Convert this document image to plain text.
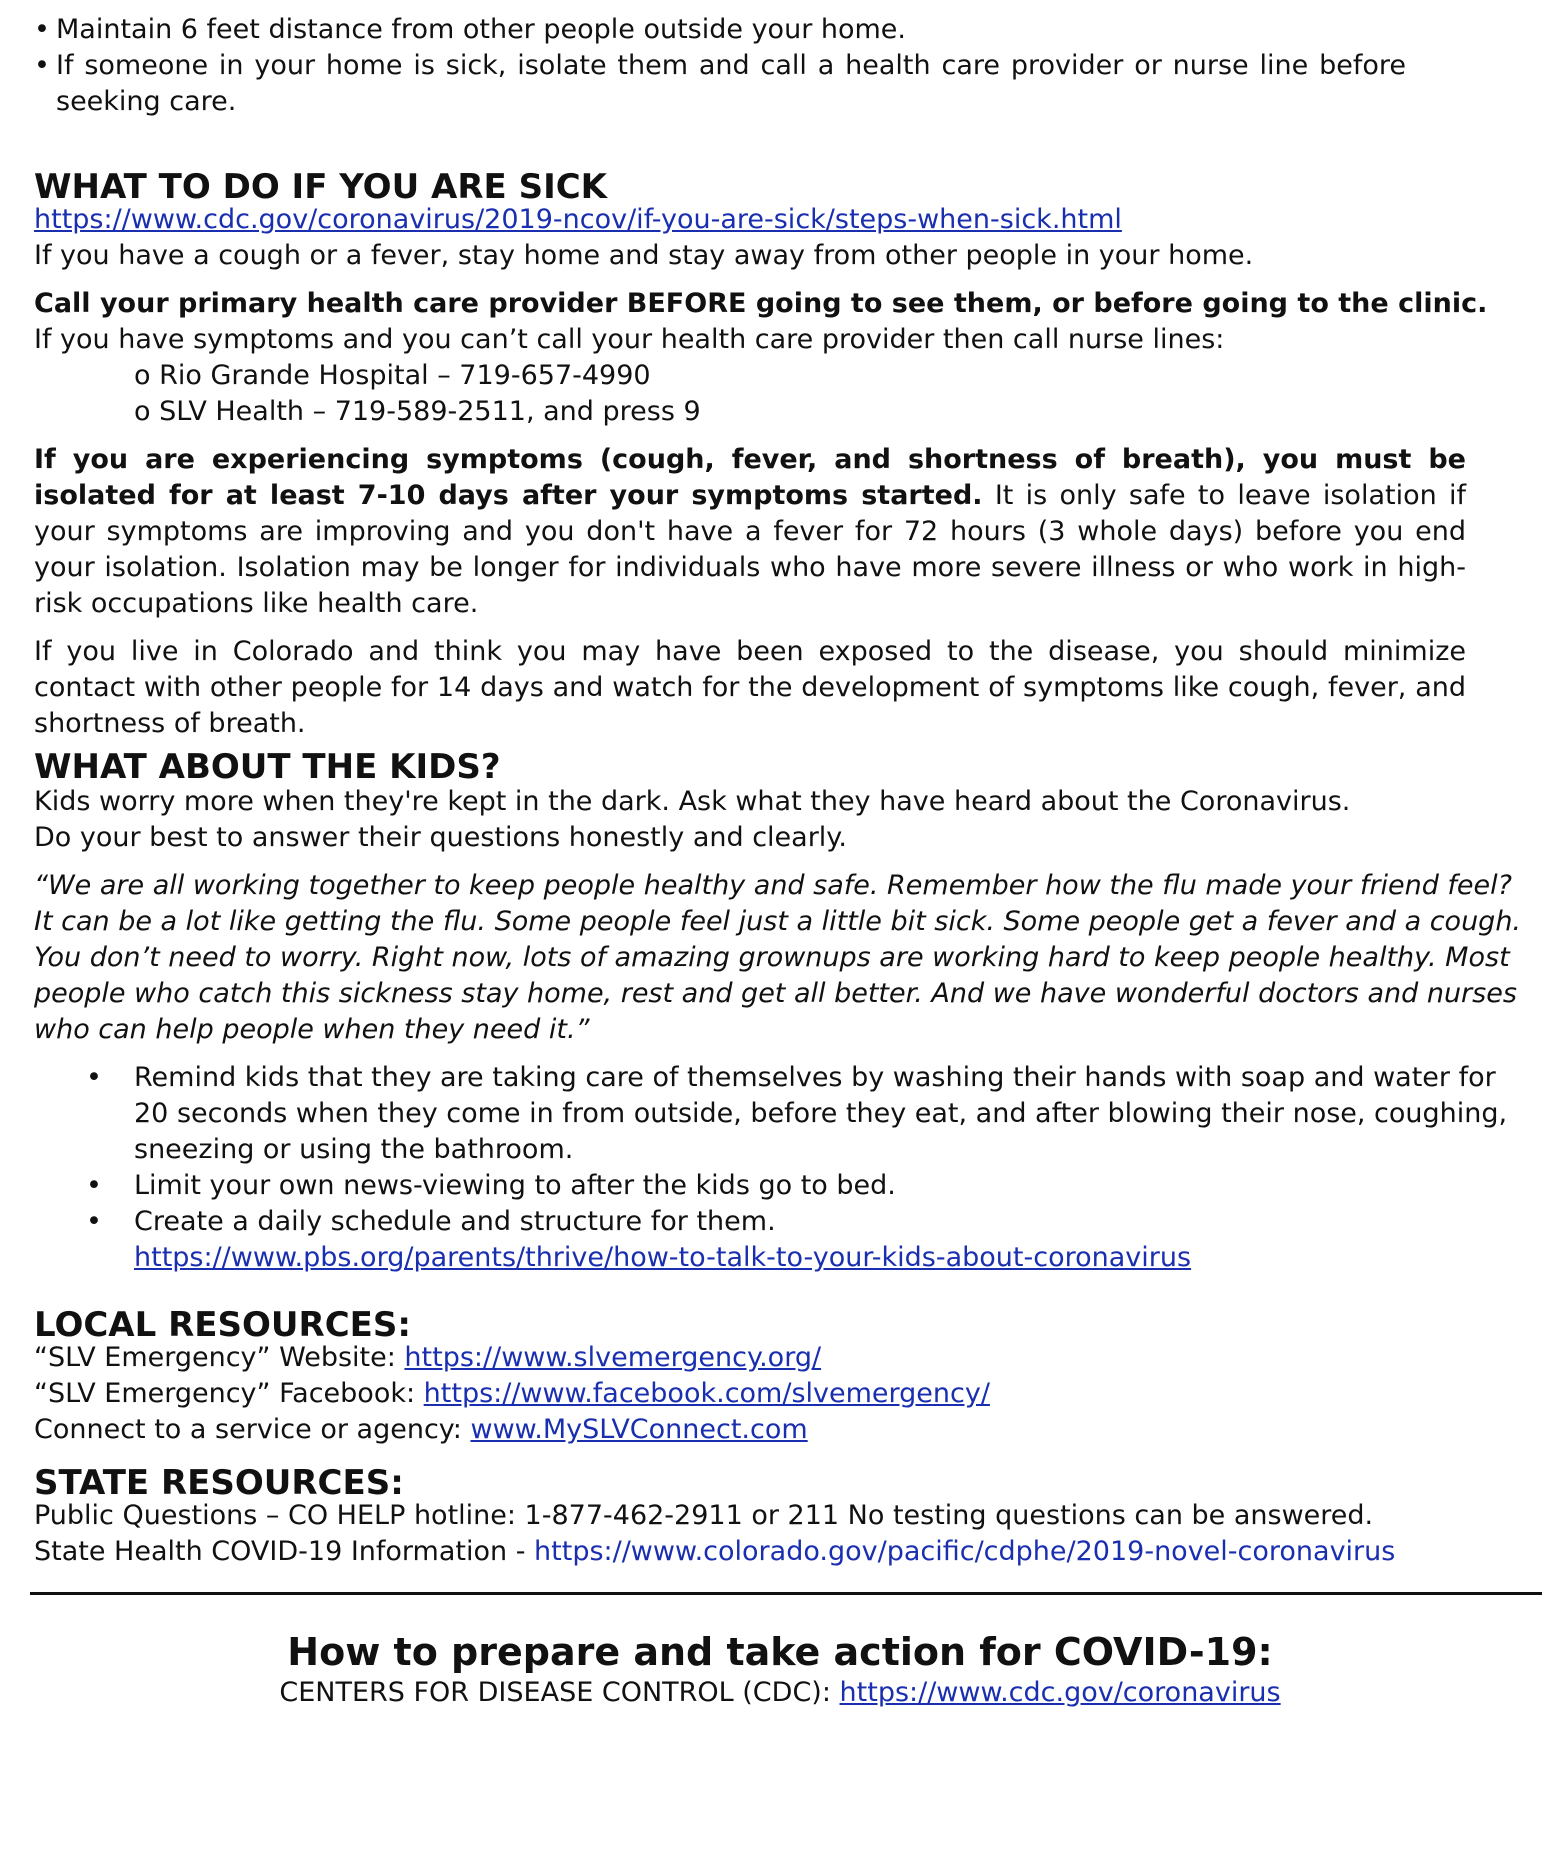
• Maintain 6 feet distance from other people outside your home.
• If someone in your home is sick, isolate them and call a health care provider or nurse line before seeking care.
WHAT TO DO IF YOU ARE SICK

https://www.cdc.gov/coronavirus/2019-ncov/if-you-are-sick/steps-when-sick.html

If you have a cough or a fever, stay home and stay away from other people in your home.

Call your primary health care provider BEFORE going to see them, or before going to the clinic.

If you have symptoms and you can’t call your health care provider then call nurse lines:

o Rio Grande Hospital – 719-657-4990

o SLV Health – 719-589-2511, and press 9

If you are experiencing symptoms (cough, fever, and shortness of breath), you must be isolated for at least 7-10 days after your symptoms started. It is only safe to leave isolation if your symptoms are improving and you don't have a fever for 72 hours (3 whole days) before you end your isolation. Isolation may be longer for individuals who have more severe illness or who work in high-risk occupations like health care.

If you live in Colorado and think you may have been exposed to the disease, you should minimize contact with other people for 14 days and watch for the development of symptoms like cough, fever, and shortness of breath.

WHAT ABOUT THE KIDS?

Kids worry more when they're kept in the dark. Ask what they have heard about the Coronavirus.

Do your best to answer their questions honestly and clearly.

“We are all working together to keep people healthy and safe. Remember how the flu made your friend feel? It can be a lot like getting the flu. Some people feel just a little bit sick. Some people get a fever and a cough. You don’t need to worry. Right now, lots of amazing grownups are working hard to keep people healthy. Most people who catch this sickness stay home, rest and get all better. And we have wonderful doctors and nurses who can help people when they need it.”

• Remind kids that they are taking care of themselves by washing their hands with soap and water for 20 seconds when they come in from outside, before they eat, and after blowing their nose, coughing, sneezing or using the bathroom.
• Limit your own news-viewing to after the kids go to bed.
• Create a daily schedule and structure for them.
https://www.pbs.org/parents/thrive/how-to-talk-to-your-kids-about-coronavirus
LOCAL RESOURCES:

“SLV Emergency” Website: https://www.slvemergency.org/

“SLV Emergency” Facebook: https://www.facebook.com/slvemergency/

Connect to a service or agency: www.MySLVConnect.com

STATE RESOURCES:

Public Questions – CO HELP hotline: 1-877-462-2911 or 211 No testing questions can be answered.

State Health COVID-19 Information - https://www.colorado.gov/pacific/cdphe/2019-novel-coronavirus

How to prepare and take action for COVID-19:

CENTERS FOR DISEASE CONTROL (CDC): https://www.cdc.gov/coronavirus
